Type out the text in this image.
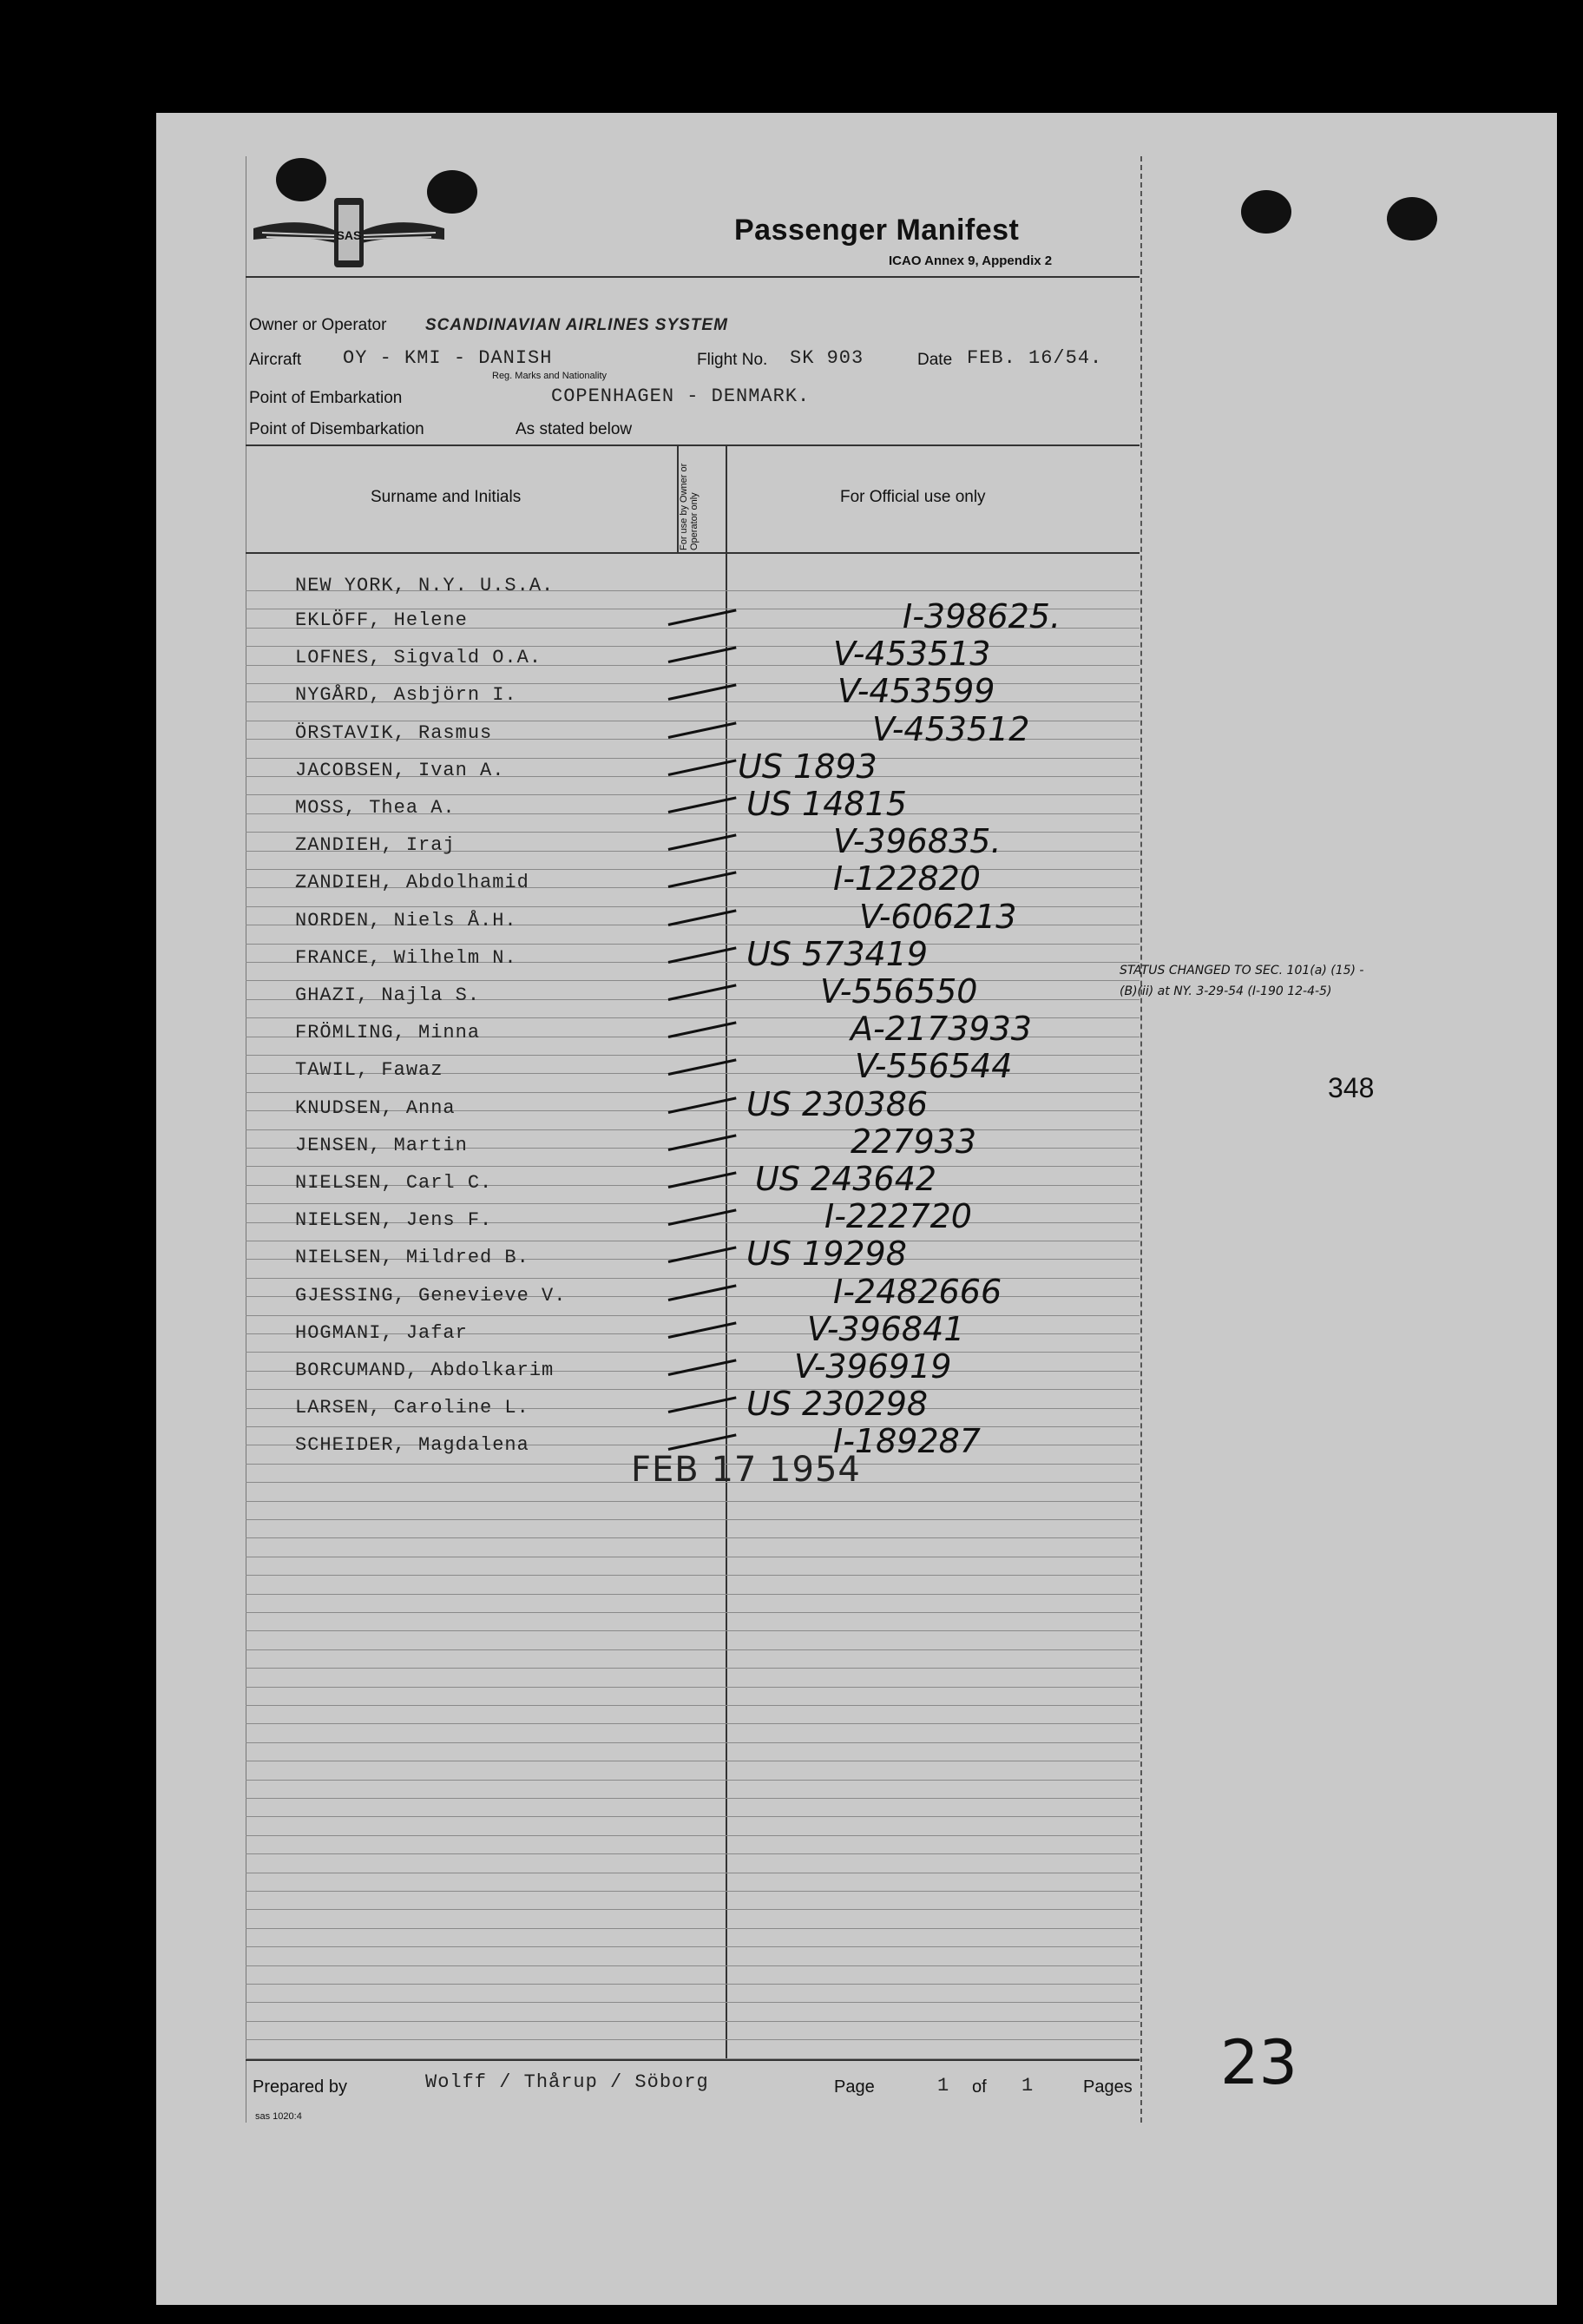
SAS	Passenger Manifest
ICAO Annex 9, Appendix 2
Owner or Operator SCANDINAVIAN AIRLINES SYSTEM
Aircraft OY - KMI - DANISH
Reg. Marks and Nationality
Flight No. SK 903	Date FEB. 16/54.
Point of Embarkation	COPENHAGEN - DENMARK.
Point of Disembarkation	As stated below
Surname and Initials	For use by Owner or Operator only	For Official use only
NEW YORK, N.Y. U.S.A.
EKLÖFF, Helene	I-398625.
LOFNES, Sigvald O.A.	V-453513
NYGÅRD, Asbjörn I.	V-453599
ÖRSTAVIK, Rasmus	V-453512
JACOBSEN, Ivan A.	US 1893
MOSS, Thea A.	US 14815
ZANDIEH, Iraj	V-396835.
ZANDIEH, Abdolhamid	I-122820
NORDEN, Niels Å.H.	V-606213
FRANCE, Wilhelm N.	US 573419
GHAZI, Najla S.	V-556550
FRÖMLING, Minna	A-2173933
TAWIL, Fawaz	V-556544
KNUDSEN, Anna	US 230386
JENSEN, Martin	227933
NIELSEN, Carl C.	US 243642
NIELSEN, Jens F.	I-222720
NIELSEN, Mildred B.	US 19298
GJESSING, Genevieve V.	I-2482666
HOGMANI, Jafar	V-396841
BORCUMAND, Abdolkarim	V-396919
LARSEN, Caroline L.	US 230298
SCHEIDER, Magdalena	I-189287
STATUS CHANGED TO SEC. 101(a) (15) -
(B)(ii) at NY. 3-29-54 (I-190 12-4-5)
FEB 17 1954
348
23
Prepared by	Wolff / Thårup / Söborg	Page	1 of 1	Pages
sas 1020:4
